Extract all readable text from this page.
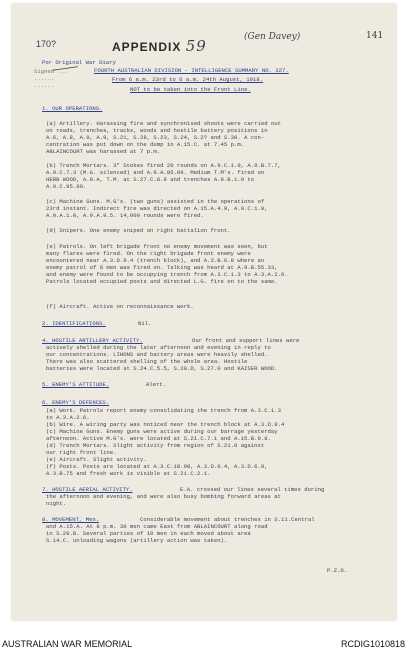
170?	APPENDIX 59	(Gen Davey)	141
Por Original War Diary
Signed ...
......
......
FOURTH AUSTRALIAN DIVISION - INTELLIGENCE SUMMARY NO. 327.
From 6 a.m. 23rd to 6 a.m. 24th August, 1918.
NOT to be taken into the Front Line.
1. OUR OPERATIONS.
(a) Artillery. Harassing fire and synchronised shoots were carried out
on roads, trenches, tracks, woods and hostile battery positions in
A.6, A.8, A.9, A.9, S.21, S.28, S.23, S.24, S.2? and S.30. A con-
centration was put down on the dump in A.15.C. at 7.45 p.m.
ABLAINCOURT was harassed at 7 p.m.
(b) Trench Mortars. 3" Stokes fired 20 rounds on A.9.C.1.9, A.9.B.7.7,
A.9.C.7.3 (M.G. silenced) and A.9.A.05.09. Medium T.M's. fired on
HERB WOOD, A.9.A, T.M. at S.27.C.8.8 and trenches A.9.B.1.9 to
A.9.C.95.90.
(c) Machine Guns. M.G's. (two guns) assisted in the operations of
23rd instant. Indirect fire was directed on A.15.A.4.9, A.9.C.1.9,
A.9.A.1.0, A.9.A.9.5. 14,000 rounds were fired.
(d) Snipers. One enemy sniped on right battalion front.
(e) Patrols. On left brigade front no enemy movement was seen, but
many flares were fired. On the right brigade front enemy were
encountered near A.3.D.9.4 (trench block), and A.3.B.6.8 where an
enemy patrol of 8 men was fired on. Talking was heard at A.9.B.55.33,
and enemy were found to be occupying trench from A.3.C.1.3 to A.3.A.2.6.
Patrols located occupied posts and directed L.G. fire on to the same.
(f) Aircraft. Active on reconnaissance work.
2. IDENTIFICATIONS.	Nil.
4. HOSTILE ARTILLERY ACTIVITY.	Our front and support lines were
actively shelled during the later afternoon and evening in reply to
our concentrations. LIHONS and battery areas were heavily shelled.
There was also scattered shelling of the whole area. Hostile
batteries were located at S.24.C.5.5, S.29.D, S.27.0 and KAISER WOOD.
5. ENEMY'S ATTITUDE.	Alert.
6. ENEMY'S DEFENCES.
(a) Work. Patrols report enemy consolidating the trench from A.3.C.1.3
to A.3.A.2.6.
(b) Wire. A wiring party was noticed near the trench block at A.3.D.9.4
(c) Machine Guns. Enemy guns were active during our barrage yesterday
afternoon. Active M.G's. were located at S.21.C.7.1 and A.15.B.9.8.
(d) Trench Mortars. Slight activity from region of S.21.0 against
our right front line.
(e) Aircraft. Slight activity.
(f) Posts. Posts are located at A.3.C.18.90, A.3.D.0.4, A.3.D.6.9,
A.3.B.75 and fresh work is visible at S.21.C.2.1.
7. HOSTILE AERIAL ACTIVITY.	E.A. crossed our lines several times during
the afternoon and evening, and were also busy bombing forward areas at
night.
8. MOVEMENT, Men.	Considerable movement about trenches in S.11.Central
and A.15.A. At 8 p.m. 30 men came East from ABLAINCOURT along road
in S.29.B. Several parties of 10 men in each moved about area
S.14.C. unloading wagons (artillery action was taken).
P.Z.O.
AUSTRALIAN WAR MEMORIAL	RCDIG1010818
